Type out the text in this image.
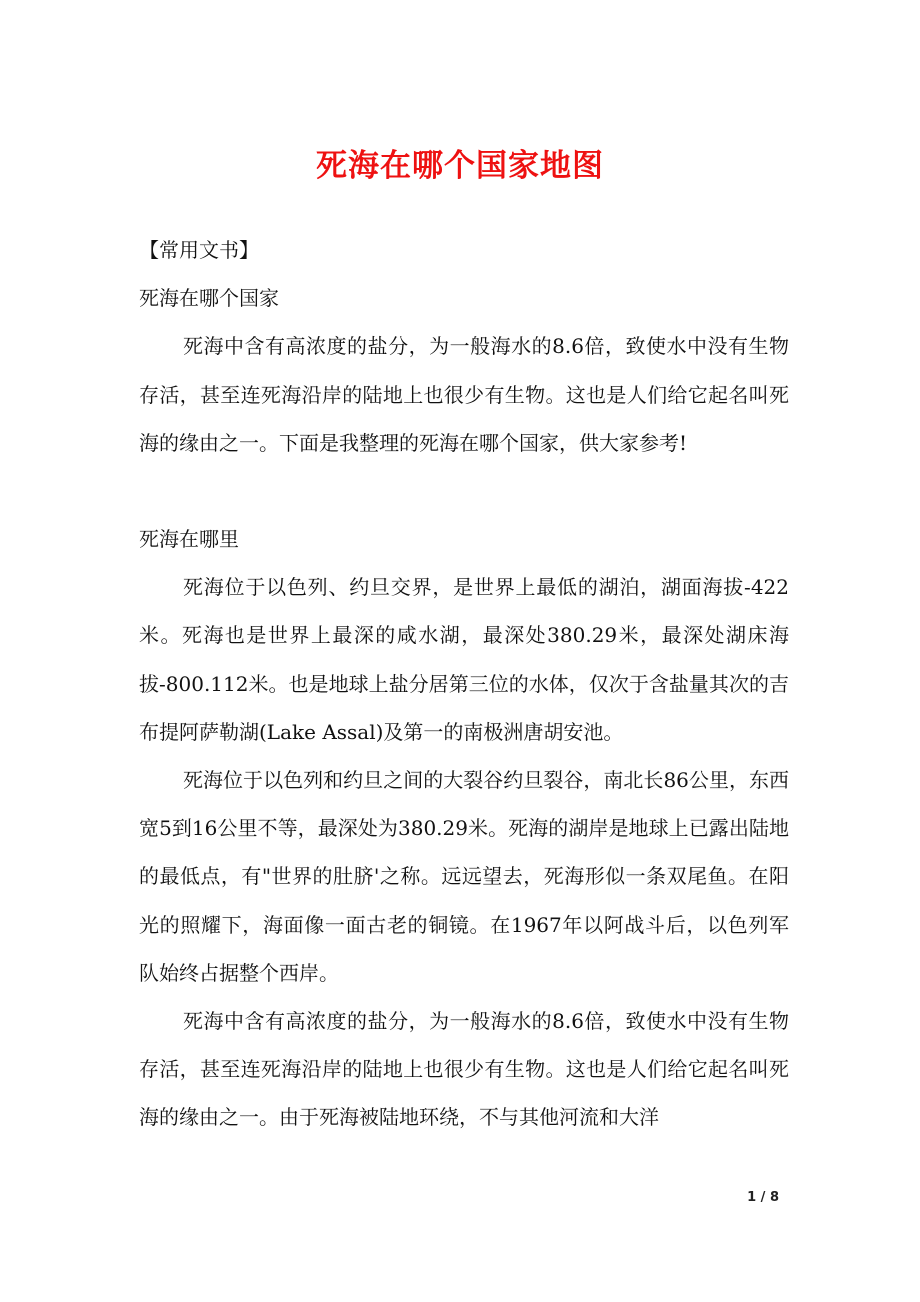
死海在哪个国家地图

【常用文书】

死海在哪个国家

死海中含有高浓度的盐分，为一般海水的8.6倍，致使水中没有生物存活，甚至连死海沿岸的陆地上也很少有生物。这也是人们给它起名叫死海的缘由之一。下面是我整理的死海在哪个国家，供大家参考!

死海在哪里

死海位于以色列、约旦交界，是世界上最低的湖泊，湖面海拔-422米。死海也是世界上最深的咸水湖，最深处380.29米，最深处湖床海拔-800.112米。也是地球上盐分居第三位的水体，仅次于含盐量其次的吉布提阿萨勒湖(Lake Assal)及第一的南极洲唐胡安池。

死海位于以色列和约旦之间的大裂谷约旦裂谷，南北长86公里，东西宽5到16公里不等，最深处为380.29米。死海的湖岸是地球上已露出陆地的最低点，有"世界的肚脐'之称。远远望去，死海形似一条双尾鱼。在阳光的照耀下，海面像一面古老的铜镜。在1967年以阿战斗后，以色列军队始终占据整个西岸。

死海中含有高浓度的盐分，为一般海水的8.6倍，致使水中没有生物存活，甚至连死海沿岸的陆地上也很少有生物。这也是人们给它起名叫死海的缘由之一。由于死海被陆地环绕，不与其他河流和大洋

1 / 8
